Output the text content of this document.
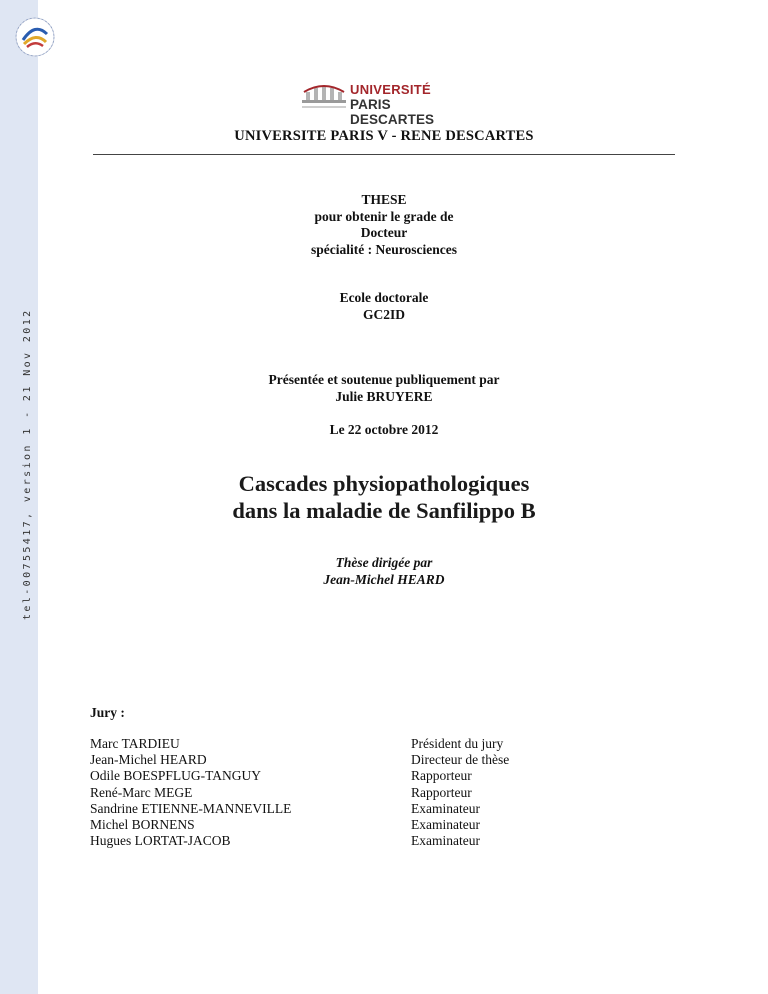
tel-00755417, version 1 - 21 Nov 2012
UNIVERSITÉ
PARIS DESCARTES
UNIVERSITE PARIS V - RENE DESCARTES
THESE
pour obtenir le grade de
Docteur
spécialité : Neurosciences
Ecole doctorale
GC2ID
Présentée et soutenue publiquement par
Julie BRUYERE
Le 22 octobre 2012
Cascades physiopathologiques
dans la maladie de Sanfilippo B
Thèse dirigée par
Jean-Michel HEARD
Jury :
Marc TARDIEU
Jean-Michel HEARD
Odile BOESPFLUG-TANGUY
René-Marc MEGE
Sandrine ETIENNE-MANNEVILLE
Michel BORNENS
Hugues LORTAT-JACOB
Président du jury
Directeur de thèse
Rapporteur
Rapporteur
Examinateur
Examinateur
Examinateur
